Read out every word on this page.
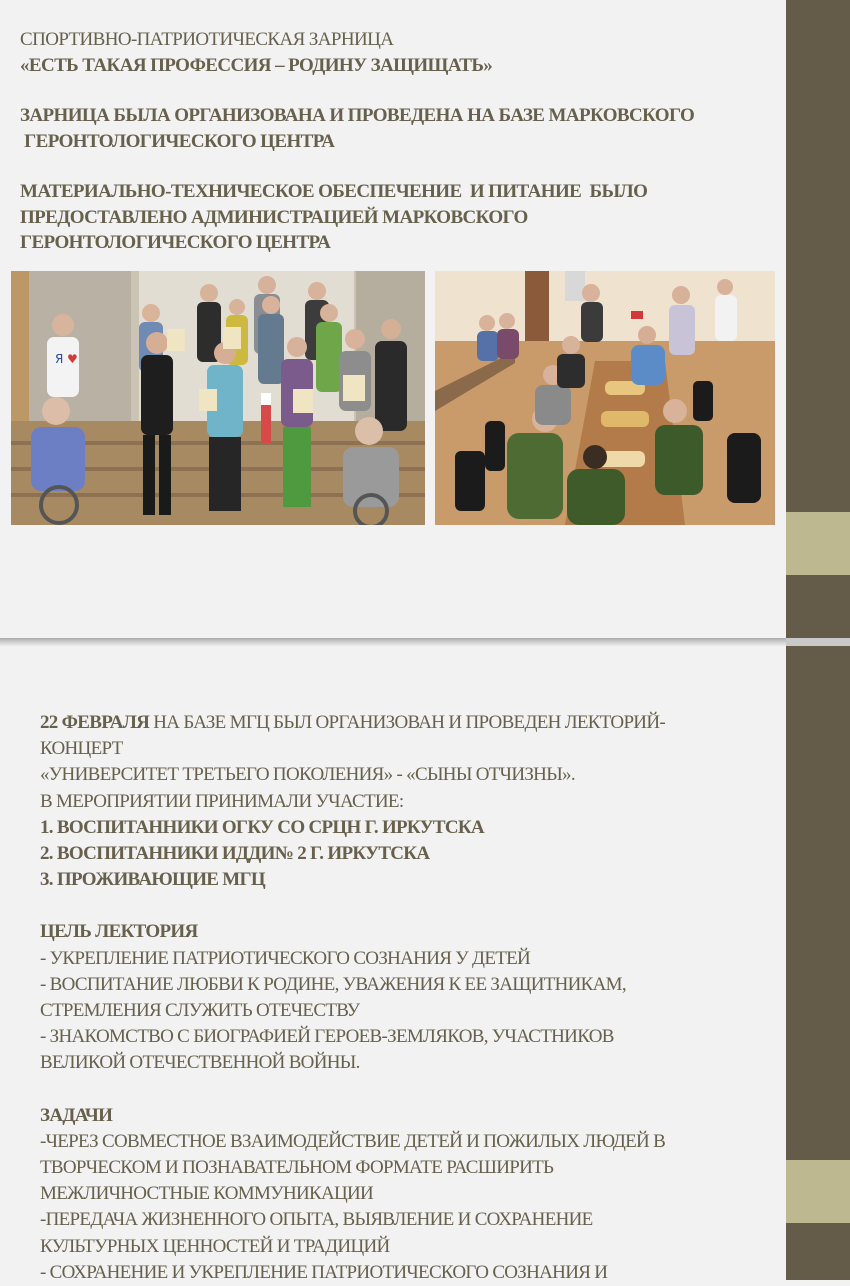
СПОРТИВНО-ПАТРИОТИЧЕСКАЯ ЗАРНИЦА

«ЕСТЬ ТАКАЯ ПРОФЕССИЯ – РОДИНУ ЗАЩИЩАТЬ»

ЗАРНИЦА БЫЛА ОРГАНИЗОВАНА И ПРОВЕДЕНА НА БАЗЕ МАРКОВСКОГО

ГЕРОНТОЛОГИЧЕСКОГО ЦЕНТРА

МАТЕРИАЛЬНО-ТЕХНИЧЕСКОЕ ОБЕСПЕЧЕНИЕ  И ПИТАНИЕ  БЫЛО

ПРЕДОСТАВЛЕНО АДМИНИСТРАЦИЕЙ МАРКОВСКОГО

ГЕРОНТОЛОГИЧЕСКОГО ЦЕНТРА

Я ♥

22 ФЕВРАЛЯ НА БАЗЕ МГЦ БЫЛ ОРГАНИЗОВАН И ПРОВЕДЕН ЛЕКТОРИЙ-

КОНЦЕРТ

«УНИВЕРСИТЕТ ТРЕТЬЕГО ПОКОЛЕНИЯ» - «СЫНЫ ОТЧИЗНЫ».

В МЕРОПРИЯТИИ ПРИНИМАЛИ УЧАСТИЕ:

1. ВОСПИТАННИКИ ОГКУ СО СРЦН Г. ИРКУТСКА

2. ВОСПИТАННИКИ ИДДИ№ 2 Г. ИРКУТСКА

3. ПРОЖИВАЮЩИЕ МГЦ

ЦЕЛЬ ЛЕКТОРИЯ

- УКРЕПЛЕНИЕ ПАТРИОТИЧЕСКОГО СОЗНАНИЯ У ДЕТЕЙ

- ВОСПИТАНИЕ ЛЮБВИ К РОДИНЕ, УВАЖЕНИЯ К ЕЕ ЗАЩИТНИКАМ,

СТРЕМЛЕНИЯ СЛУЖИТЬ ОТЕЧЕСТВУ

- ЗНАКОМСТВО С БИОГРАФИЕЙ ГЕРОЕВ-ЗЕМЛЯКОВ, УЧАСТНИКОВ

ВЕЛИКОЙ ОТЕЧЕСТВЕННОЙ ВОЙНЫ.

ЗАДАЧИ

-ЧЕРЕЗ СОВМЕСТНОЕ ВЗАИМОДЕЙСТВИЕ ДЕТЕЙ И ПОЖИЛЫХ ЛЮДЕЙ В

ТВОРЧЕСКОМ И ПОЗНАВАТЕЛЬНОМ ФОРМАТЕ РАСШИРИТЬ

МЕЖЛИЧНОСТНЫЕ КОММУНИКАЦИИ

-ПЕРЕДАЧА ЖИЗНЕННОГО ОПЫТА, ВЫЯВЛЕНИЕ И СОХРАНЕНИЕ

КУЛЬТУРНЫХ ЦЕННОСТЕЙ И ТРАДИЦИЙ

- СОХРАНЕНИЕ И УКРЕПЛЕНИЕ ПАТРИОТИЧЕСКОГО СОЗНАНИЯ И
